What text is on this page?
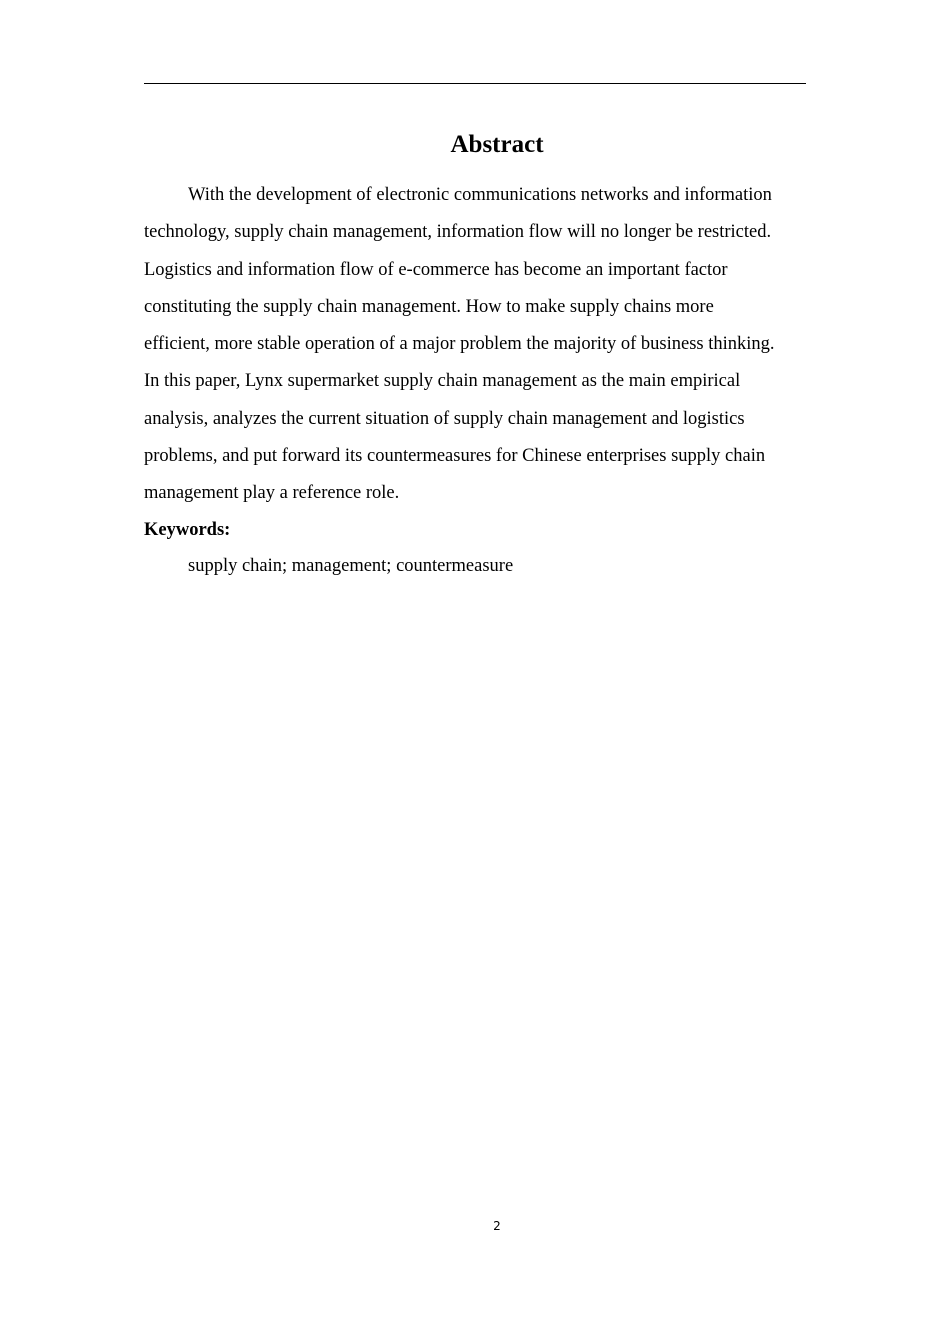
Abstract
With the development of electronic communications networks and information
technology, supply chain management, information flow will no longer be restricted.
Logistics and information flow of e-commerce has become an important factor
constituting the supply chain management. How to make supply chains more
efficient, more stable operation of a major problem the majority of business thinking.
In this paper, Lynx supermarket supply chain management as the main empirical
analysis, analyzes the current situation of supply chain management and logistics
problems, and put forward its countermeasures for Chinese enterprises supply chain
management play a reference role.

Keywords:

supply chain; management; countermeasure

2
